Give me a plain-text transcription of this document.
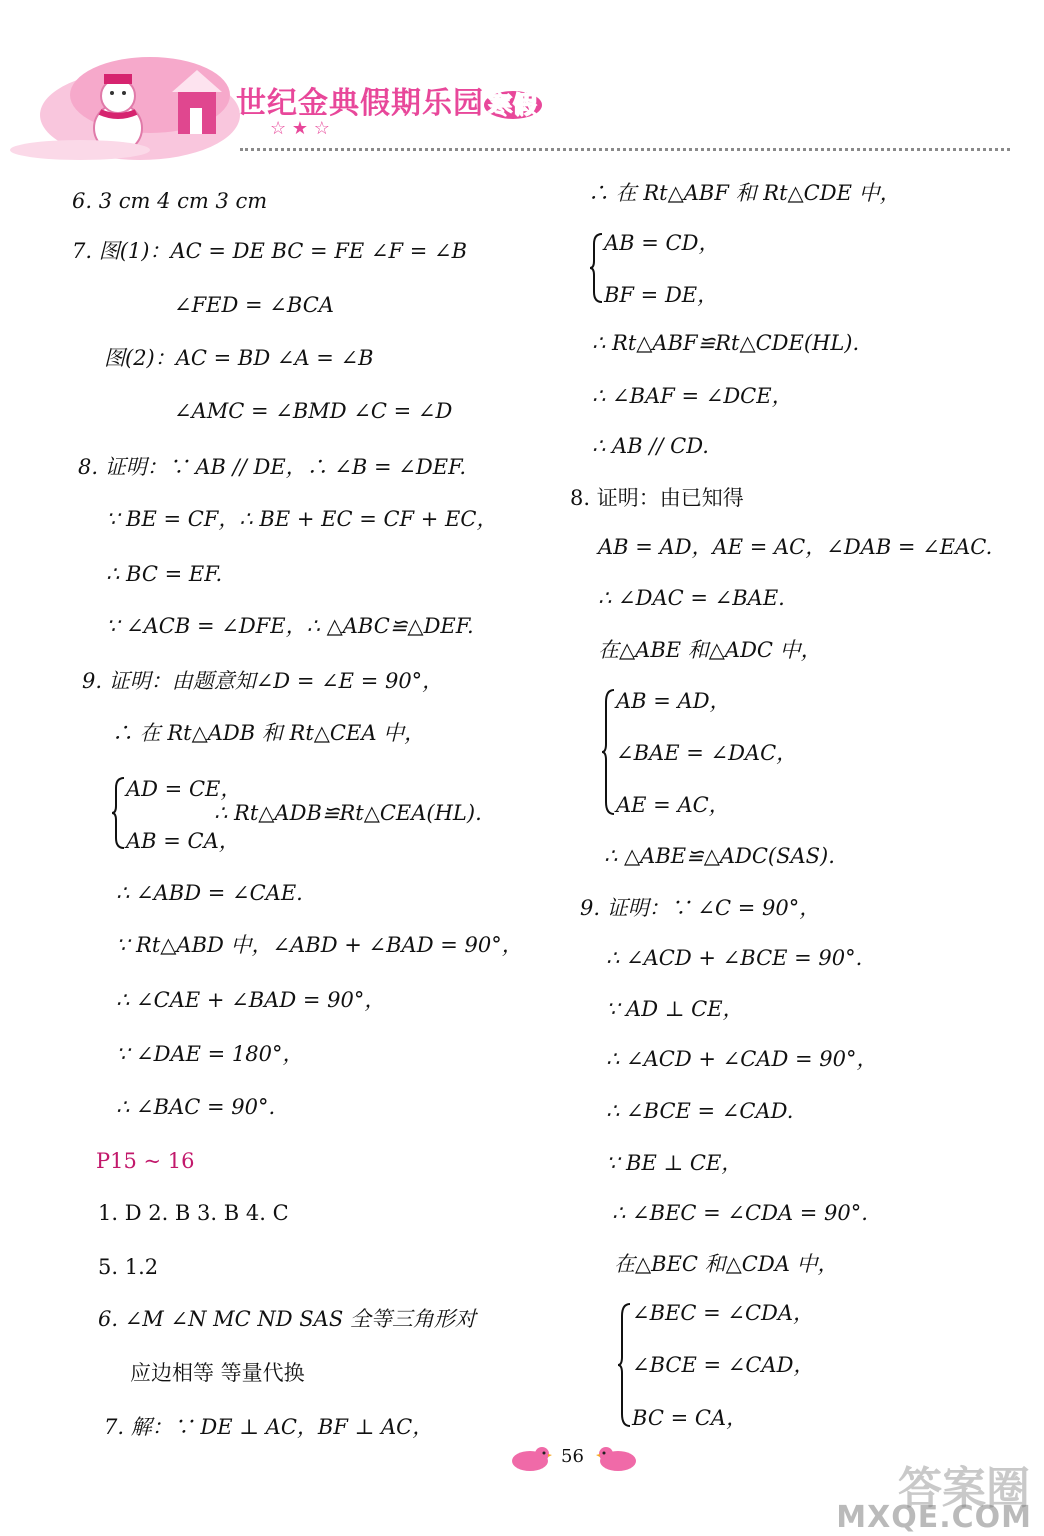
世纪金典假期乐园 寒假
☆ ★ ☆
6. 3 cm 4 cm 3 cm
7. 图(1)：AC = DE BC = FE ∠F = ∠B
∠FED = ∠BCA
图(2)：AC = BD ∠A = ∠B
∠AMC = ∠BMD ∠C = ∠D
8. 证明：∵ AB // DE，∴ ∠B = ∠DEF.
∵ BE = CF，∴ BE + EC = CF + EC，
∴ BC = EF.
∵ ∠ACB = ∠DFE，∴ △ABC≌△DEF.
9. 证明：由题意知∠D = ∠E = 90°，
∴ 在 Rt△ADB 和 Rt△CEA 中，
AD = CE，
∴ Rt△ADB≌Rt△CEA(HL).
AB = CA，
∴ ∠ABD = ∠CAE.
∵ Rt△ABD 中，∠ABD + ∠BAD = 90°，
∴ ∠CAE + ∠BAD = 90°，
∵ ∠DAE = 180°，
∴ ∠BAC = 90°.
P15 ~ 16
1. D 2. B 3. B 4. C
5. 1.2
6. ∠M ∠N MC ND SAS 全等三角形对
应边相等 等量代换
7. 解：∵ DE ⊥ AC，BF ⊥ AC，
∴ 在 Rt△ABF 和 Rt△CDE 中，
AB = CD，
BF = DE，
∴ Rt△ABF≌Rt△CDE(HL).
∴ ∠BAF = ∠DCE，
∴ AB // CD.
8. 证明：由已知得
AB = AD，AE = AC，∠DAB = ∠EAC.
∴ ∠DAC = ∠BAE.
在△ABE 和△ADC 中，
AB = AD，
∠BAE = ∠DAC，
AE = AC，
∴ △ABE≌△ADC(SAS).
9. 证明：∵ ∠C = 90°，
∴ ∠ACD + ∠BCE = 90°.
∵ AD ⊥ CE，
∴ ∠ACD + ∠CAD = 90°，
∴ ∠BCE = ∠CAD.
∵ BE ⊥ CE，
∴ ∠BEC = ∠CDA = 90°.
在△BEC 和△CDA 中，
∠BEC = ∠CDA，
∠BCE = ∠CAD，
BC = CA，
56
答案圈
MXQE.COM
